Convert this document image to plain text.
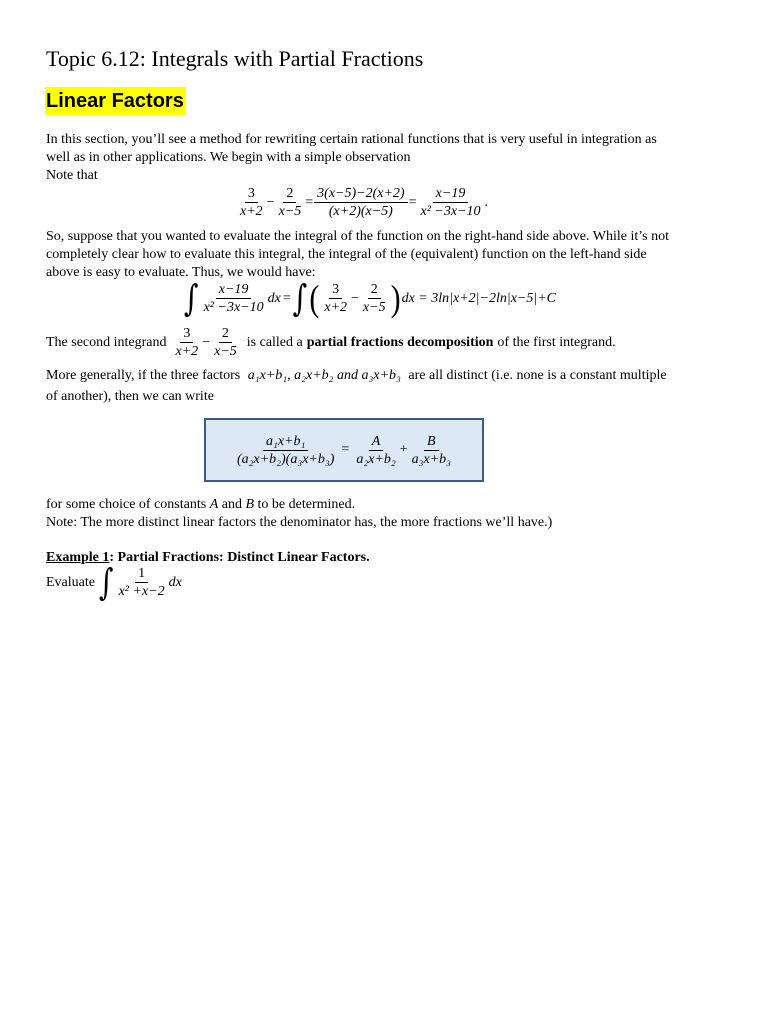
Topic 6.12: Integrals with Partial Fractions
Linear Factors
In this section, you’ll see a method for rewriting certain rational functions that is very useful in integration as
well as in other applications. We begin with a simple observation
Note that
$\frac{3}{x+2} - \frac{2}{x-5} = \frac{3(x-5)-2(x+2)}{(x+2)(x-5)} = \frac{x-19}{\text{x² −3x−10}}$ .
So, suppose that you wanted to evaluate the integral of the function on the right-hand side above. While it’s not
completely clear how to evaluate this integral, the integral of the (equivalent) function on the left-hand side
above is easy to evaluate. Thus, we would have:
∫ $\frac{x-19}{\text{x² −3x−10}}$ dx = ∫ ( $\frac{3}{x+2} - \frac{2}{x-5}$ ) dx = 3ln|x+2|−2ln|x−5|+C
The second integrand $\frac{3}{x+2} - \frac{2}{x-5}$ is called a partial fractions decomposition of the first integrand.
More generally, if the three factors a₁x+b₁, a₂x+b₂ and a₃x+b₃ are all distinct (i.e. none is a constant multiple
of another), then we can write
$\frac{\text{a₁x+b₁}}{\text{(a₂x+b₂)(a₃x+b₃)}} = \frac{A}{\text{a₂x+b₂}} + \frac{B}{\text{a₃x+b₃}}$
for some choice of constants A and B to be determined.
Note: The more distinct linear factors the denominator has, the more fractions we’ll have.)
Example 1: Partial Fractions: Distinct Linear Factors.
Evaluate ∫ $\frac{1}{\text{x² +x−2}}$ dx
